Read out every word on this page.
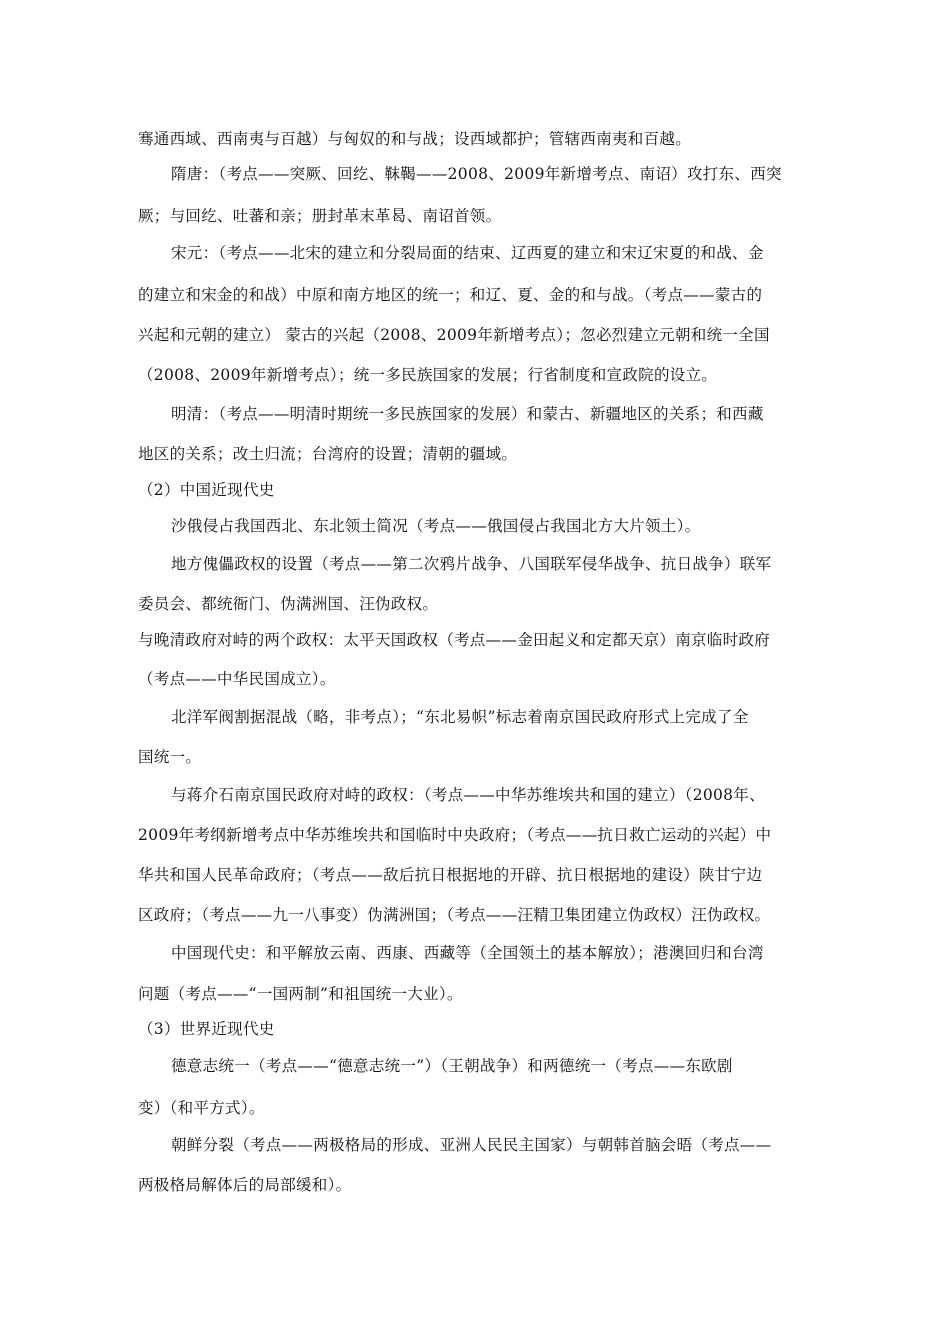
骞通西域、西南夷与百越）与匈奴的和与战；设西域都护；管辖西南夷和百越。
隋唐：（考点——突厥、回纥、靺鞨——2008、2009年新增考点、南诏）攻打东、西突
厥；与回纥、吐蕃和亲；册封革末革曷、南诏首领。
宋元：（考点——北宋的建立和分裂局面的结束、辽西夏的建立和宋辽宋夏的和战、金
的建立和宋金的和战）中原和南方地区的统一；和辽、夏、金的和与战。（考点——蒙古的
兴起和元朝的建立） 蒙古的兴起（2008、2009年新增考点）；忽必烈建立元朝和统一全国
（2008、2009年新增考点）；统一多民族国家的发展；行省制度和宣政院的设立。
明清：（考点——明清时期统一多民族国家的发展）和蒙古、新疆地区的关系；和西藏
地区的关系；改土归流；台湾府的设置；清朝的疆域。
（2）中国近现代史
沙俄侵占我国西北、东北领土简况（考点——俄国侵占我国北方大片领土）。
地方傀儡政权的设置（考点——第二次鸦片战争、八国联军侵华战争、抗日战争）联军
委员会、都统衙门、伪满洲国、汪伪政权。
与晚清政府对峙的两个政权：太平天国政权（考点——金田起义和定都天京）南京临时政府
（考点——中华民国成立）。
北洋军阀割据混战（略，非考点）；“东北易帜”标志着南京国民政府形式上完成了全
国统一。
与蒋介石南京国民政府对峙的政权：（考点——中华苏维埃共和国的建立）（2008年、
2009年考纲新增考点中华苏维埃共和国临时中央政府；（考点——抗日救亡运动的兴起）中
华共和国人民革命政府；（考点——敌后抗日根据地的开辟、抗日根据地的建设）陕甘宁边
区政府；（考点——九一八事变）伪满洲国；（考点——汪精卫集团建立伪政权）汪伪政权。
中国现代史：和平解放云南、西康、西藏等（全国领土的基本解放）；港澳回归和台湾
问题（考点——“一国两制”和祖国统一大业）。
（3）世界近现代史
德意志统一（考点——“德意志统一”）（王朝战争）和两德统一（考点——东欧剧
变）（和平方式）。
朝鲜分裂（考点——两极格局的形成、亚洲人民民主国家）与朝韩首脑会晤（考点——
两极格局解体后的局部缓和）。
